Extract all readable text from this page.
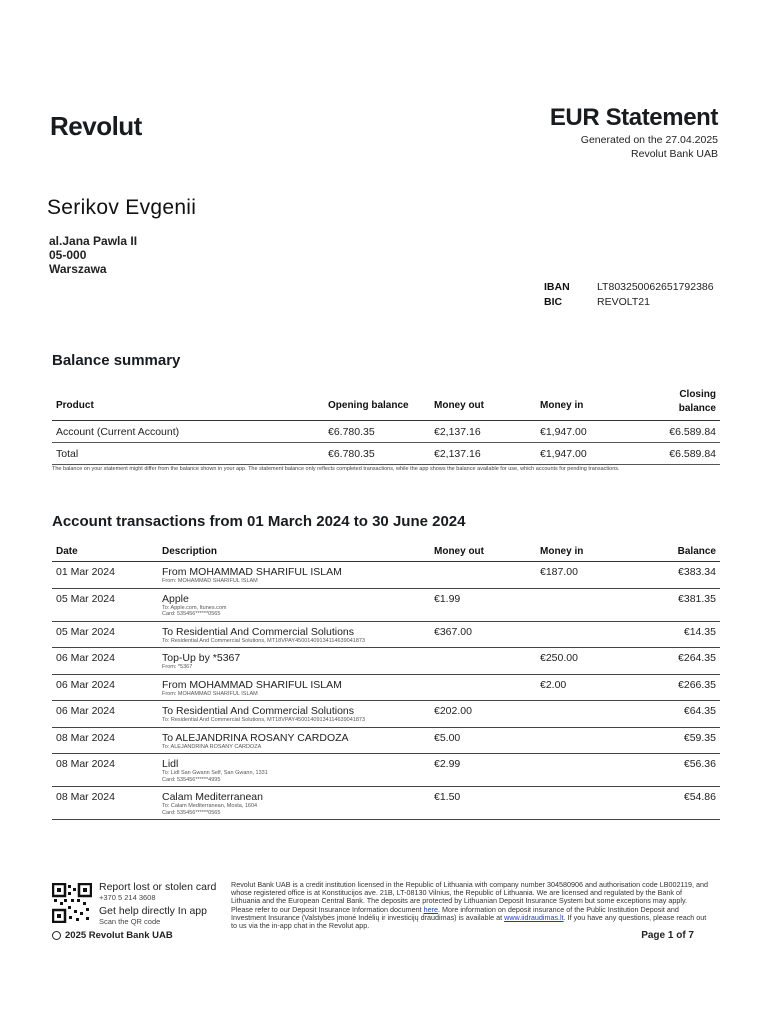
Revolut	EUR Statement
Generated on the 27.04.2025
Revolut Bank UAB
Serikov Evgenii
al.Jana Pawla II
05-000
Warszawa
IBAN	LT803250062651792386
BIC	REVOLT21
Balance summary
Product	Opening balance	Money out	Money in	Closing balance
Account (Current Account)	€6.780.35	€2,137.16	€1,947.00	€6.589.84
Total	€6.780.35	€2,137.16	€1,947.00	€6.589.84
The balance on your statement might differ from the balance shown in your app. The statement balance only reflects completed transactions, while the app shows the balance available for use, which accounts for pending transactions.
Account transactions from 01 March 2024 to 30 June 2024
Date	Description	Money out	Money in	Balance
01 Mar 2024	From MOHAMMAD SHARIFUL ISLAM
From: MOHAMMAD SHARIFUL ISLAM		€187.00	€383.34
05 Mar 2024	Apple
To: Apple.com, Itunes.com
Card: 535456******0565	€1.99		€381.35
05 Mar 2024	To Residential And Commercial Solutions
To: Residential And Commercial Solutions, MT18VPAY45001409134114639041873	€367.00		€14.35
06 Mar 2024	Top-Up by *5367
From: *5367		€250.00	€264.35
06 Mar 2024	From MOHAMMAD SHARIFUL ISLAM
From: MOHAMMAD SHARIFUL ISLAM		€2.00	€266.35
06 Mar 2024	To Residential And Commercial Solutions
To: Residential And Commercial Solutions, MT18VPAY45001409134114639041873	€202.00		€64.35
08 Mar 2024	To ALEJANDRINA ROSANY CARDOZA
To: ALEJANDRINA ROSANY CARDOZA	€5.00		€59.35
08 Mar 2024	Lidl
To: Lidl San Gwann Self, San Gwann, 1331
Card: 535456******4995	€2.99		€56.36
08 Mar 2024	Calam Mediterranean
To: Calam Mediterranean, Mosta, 1604
Card: 535456******0565	€1.50		€54.86
Report lost or stolen card
+370 5 214 3608
Get help directly In app
Scan the QR code
Revolut Bank UAB is a credit institution licensed in the Republic of Lithuania with company number 304580906 and authorisation code LB002119, and whose registered office is at Konstitucijos ave. 21B, LT-08130 Vilnius, the Republic of Lithuania. We are licensed and regulated by the Bank of Lithuania and the European Central Bank. The deposits are protected by Lithuanian Deposit Insurance System but some exceptions may apply. Please refer to our Deposit Insurance Information document here. More information on deposit insurance of the Public Institution Deposit and Investment Insurance (Valstybės įmonė Indėlių ir investicijų draudimas) is available at www.iidraudimas.lt. If you have any questions, please reach out to us via the in-app chat in the Revolut app.
2025 Revolut Bank UAB	Page 1 of 7
